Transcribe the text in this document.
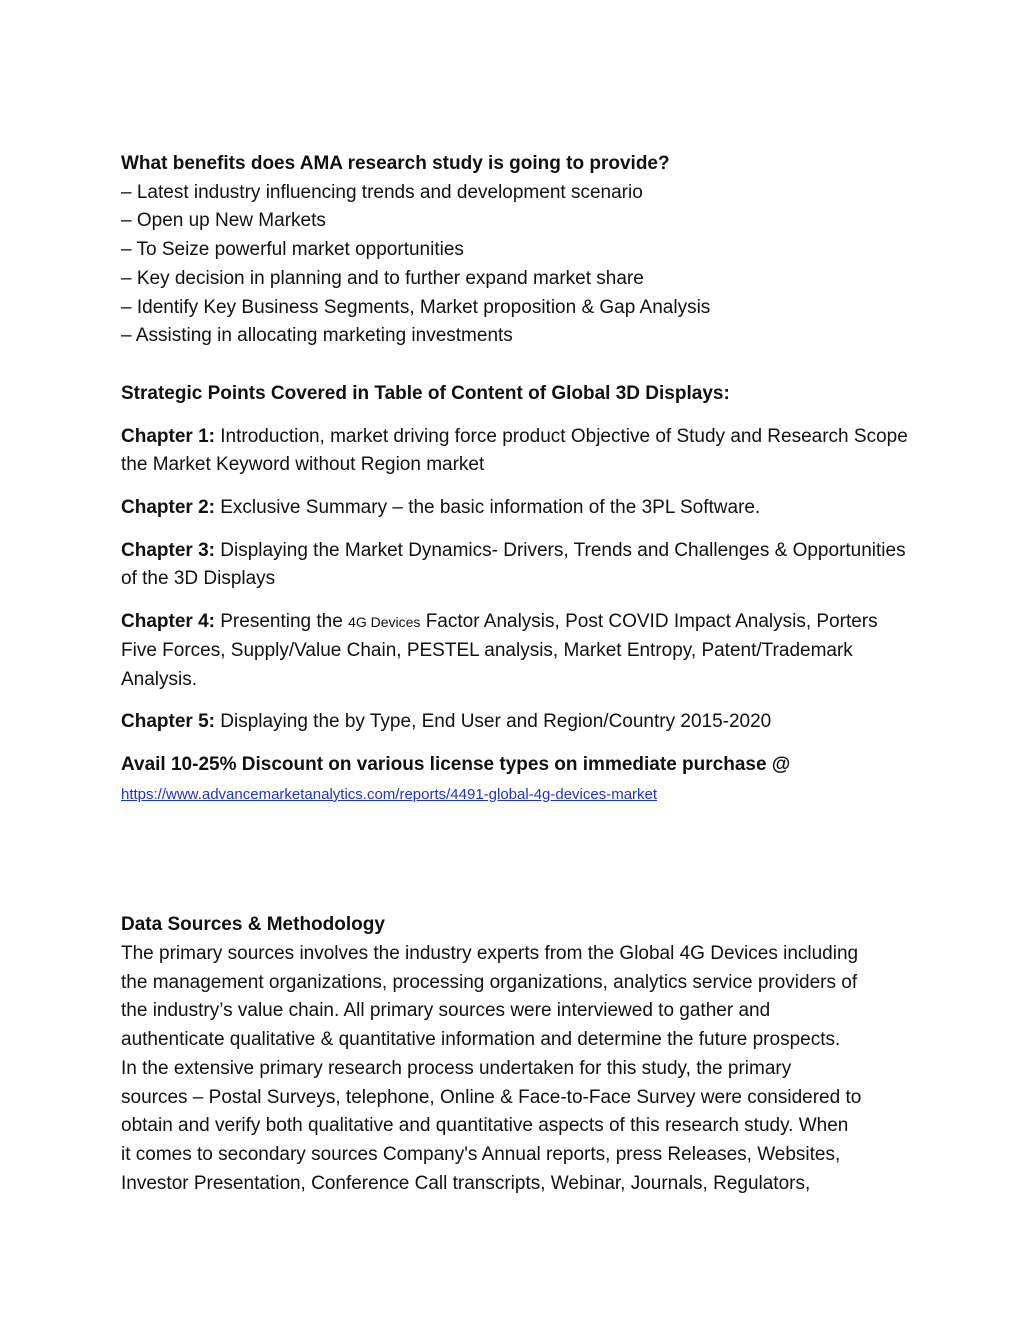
What benefits does AMA research study is going to provide?
– Latest industry influencing trends and development scenario
– Open up New Markets
– To Seize powerful market opportunities
– Key decision in planning and to further expand market share
– Identify Key Business Segments, Market proposition & Gap Analysis
– Assisting in allocating marketing investments
Strategic Points Covered in Table of Content of Global 3D Displays:

Chapter 1: Introduction, market driving force product Objective of Study and Research Scope the Market Keyword without Region market

Chapter 2: Exclusive Summary – the basic information of the 3PL Software.

Chapter 3: Displaying the Market Dynamics- Drivers, Trends and Challenges & Opportunities of the 3D Displays

Chapter 4: Presenting the 4G Devices Factor Analysis, Post COVID Impact Analysis, Porters Five Forces, Supply/Value Chain, PESTEL analysis, Market Entropy, Patent/Trademark Analysis.

Chapter 5: Displaying the by Type, End User and Region/Country 2015-2020

Avail 10-25% Discount on various license types on immediate purchase @
https://www.advancemarketanalytics.com/reports/4491-global-4g-devices-market
Data Sources & Methodology
The primary sources involves the industry experts from the Global 4G Devices including
the management organizations, processing organizations, analytics service providers of
the industry’s value chain. All primary sources were interviewed to gather and
authenticate qualitative & quantitative information and determine the future prospects.
In the extensive primary research process undertaken for this study, the primary
sources – Postal Surveys, telephone, Online & Face-to-Face Survey were considered to
obtain and verify both qualitative and quantitative aspects of this research study. When
it comes to secondary sources Company's Annual reports, press Releases, Websites,
Investor Presentation, Conference Call transcripts, Webinar, Journals, Regulators,
